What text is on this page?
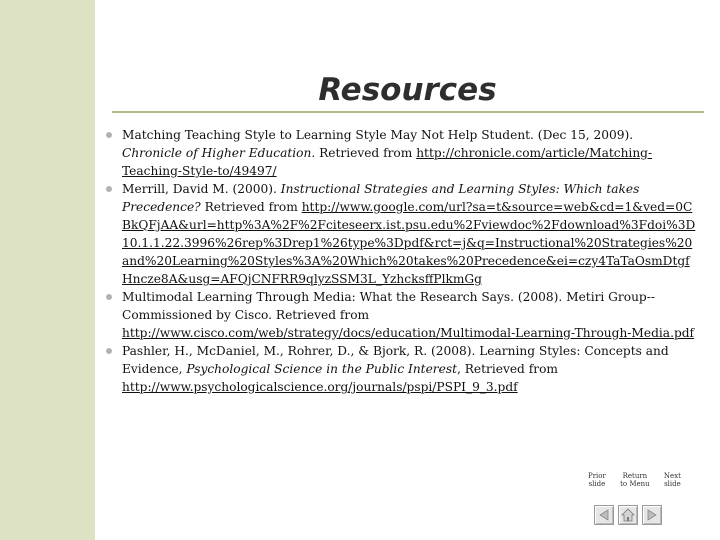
Resources
Matching Teaching Style to Learning Style May Not Help Student. (Dec 15, 2009). Chronicle of Higher Education. Retrieved from http://chronicle.com/article/Matching-Teaching-Style-to/49497/
Merrill, David M. (2000). Instructional Strategies and Learning Styles: Which takes Precedence? Retrieved from http://www.google.com/url?sa=t&source=web&cd=1&ved=0CBkQFjAA&url=http%3A%2F%2Fciteseerx.ist.psu.edu%2Fviewdoc%2Fdownload%3Fdoi%3D10.1.1.22.3996%26rep%3Drep1%26type%3Dpdf&rct=j&q=Instructional%20Strategies%20and%20Learning%20Styles%3A%20Which%20takes%20Precedence&ei=czy4TaTaOsmDtgfHncze8A&usg=AFQjCNFRR9qlyzSSM3L_YzhcksffPlkmGg
Multimodal Learning Through Media: What the Research Says. (2008). Metiri Group--Commissioned by Cisco. Retrieved from http://www.cisco.com/web/strategy/docs/education/Multimodal-Learning-Through-Media.pdf
Pashler, H., McDaniel, M., Rohrer, D., & Bjork, R. (2008). Learning Styles: Concepts and Evidence, Psychological Science in the Public Interest, Retrieved from http://www.psychologicalscience.org/journals/pspi/PSPI_9_3.pdf
Prior
slide Return
to Menu Next
slide
